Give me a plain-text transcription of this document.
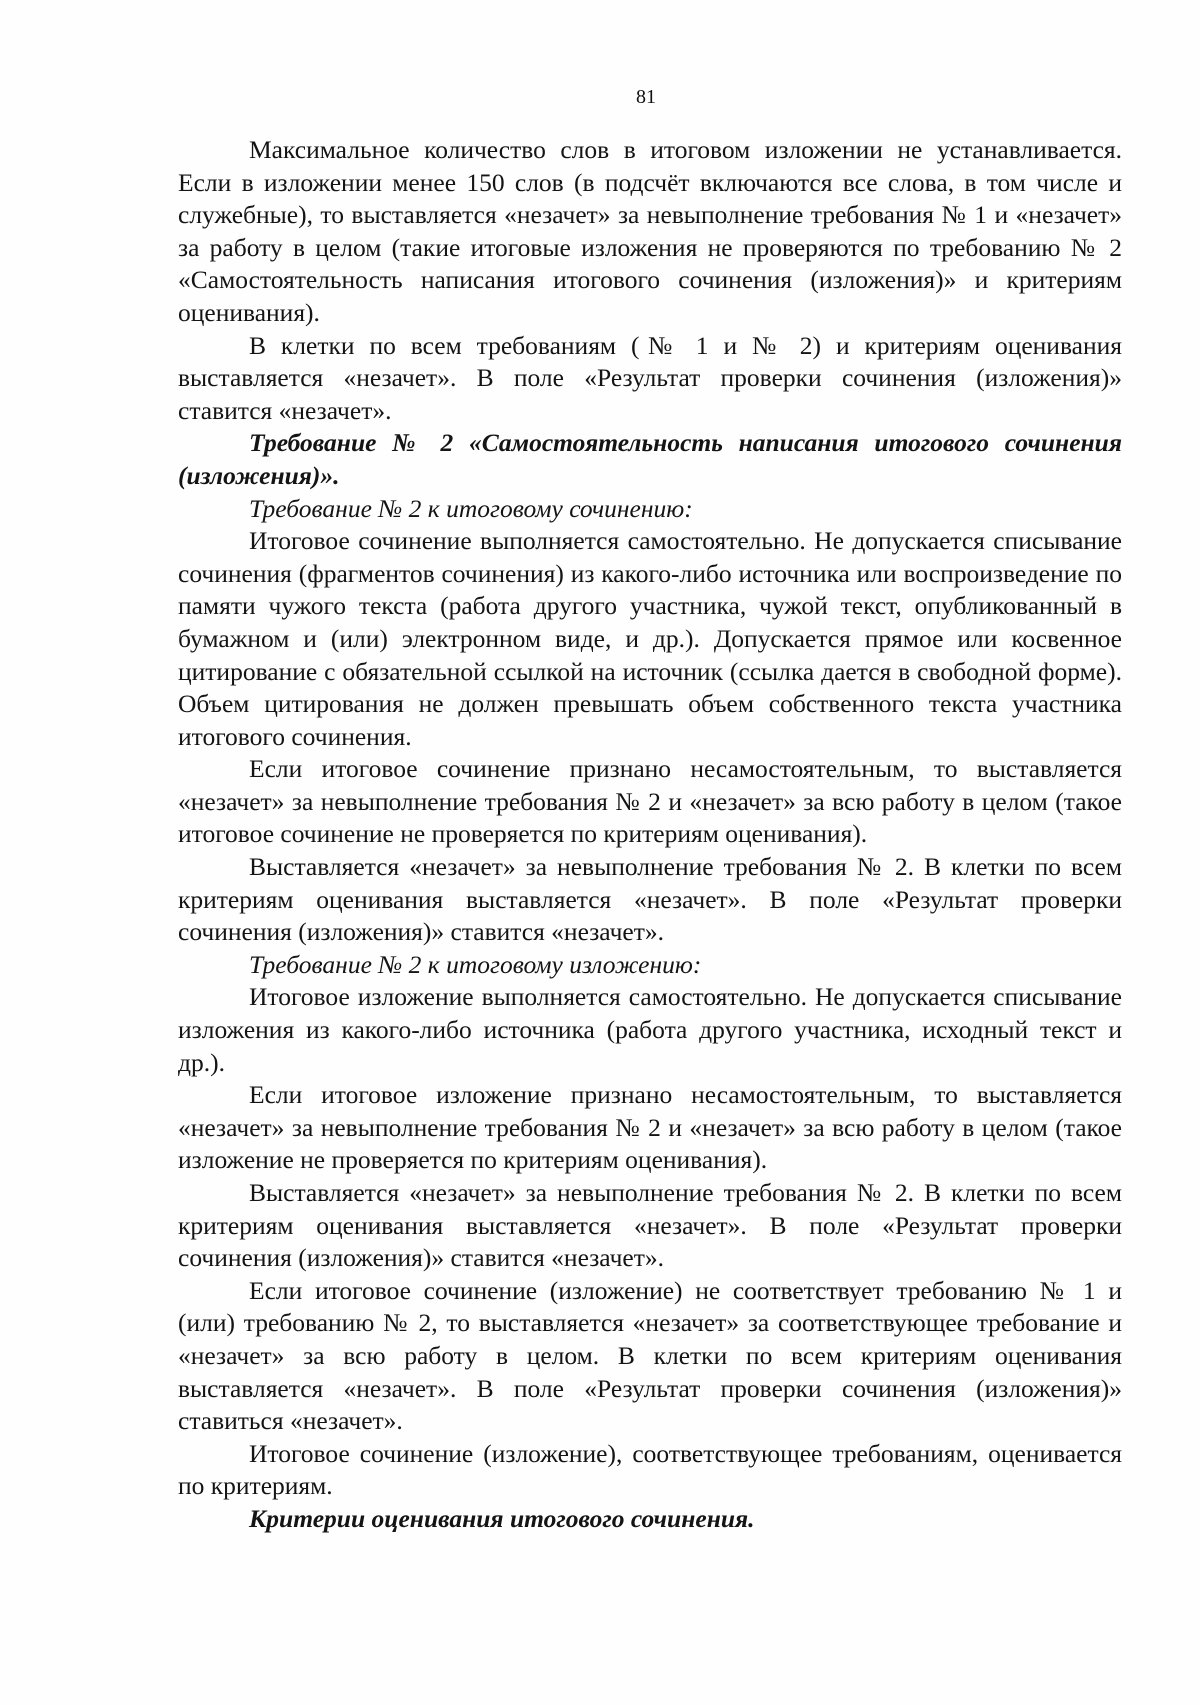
81

Максимальное количество слов в итоговом изложении не устанавливается. Если в изложении менее 150 слов (в подсчёт включаются все слова, в том числе и служебные), то выставляется «незачет» за невыполнение требования № 1 и «незачет» за работу в целом (такие итоговые изложения не проверяются по требованию № 2 «Самостоятельность написания итогового сочинения (изложения)» и критериям оценивания).

В клетки по всем требованиям (№ 1 и № 2) и критериям оценивания выставляется «незачет». В поле «Результат проверки сочинения (изложения)» ставится «незачет».

Требование № 2 «Самостоятельность написания итогового сочинения (изложения)».

Требование № 2 к итоговому сочинению:

Итоговое сочинение выполняется самостоятельно. Не допускается списывание сочинения (фрагментов сочинения) из какого-либо источника или воспроизведение по памяти чужого текста (работа другого участника, чужой текст, опубликованный в бумажном и (или) электронном виде, и др.). Допускается прямое или косвенное цитирование с обязательной ссылкой на источник (ссылка дается в свободной форме). Объем цитирования не должен превышать объем собственного текста участника итогового сочинения.

Если итоговое сочинение признано несамостоятельным, то выставляется «незачет» за невыполнение требования № 2 и «незачет» за всю работу в целом (такое итоговое сочинение не проверяется по критериям оценивания).

Выставляется «незачет» за невыполнение требования № 2. В клетки по всем критериям оценивания выставляется «незачет». В поле «Результат проверки сочинения (изложения)» ставится «незачет».

Требование № 2 к итоговому изложению:

Итоговое изложение выполняется самостоятельно. Не допускается списывание изложения из какого-либо источника (работа другого участника, исходный текст и др.).

Если итоговое изложение признано несамостоятельным, то выставляется «незачет» за невыполнение требования № 2 и «незачет» за всю работу в целом (такое изложение не проверяется по критериям оценивания).

Выставляется «незачет» за невыполнение требования № 2. В клетки по всем критериям оценивания выставляется «незачет». В поле «Результат проверки сочинения (изложения)» ставится «незачет».

Если итоговое сочинение (изложение) не соответствует требованию № 1 и (или) требованию № 2, то выставляется «незачет» за соответствующее требование и «незачет» за всю работу в целом. В клетки по всем критериям оценивания выставляется «незачет». В поле «Результат проверки сочинения (изложения)» ставиться «незачет».

Итоговое сочинение (изложение), соответствующее требованиям, оценивается по критериям.

Критерии оценивания итогового сочинения.
